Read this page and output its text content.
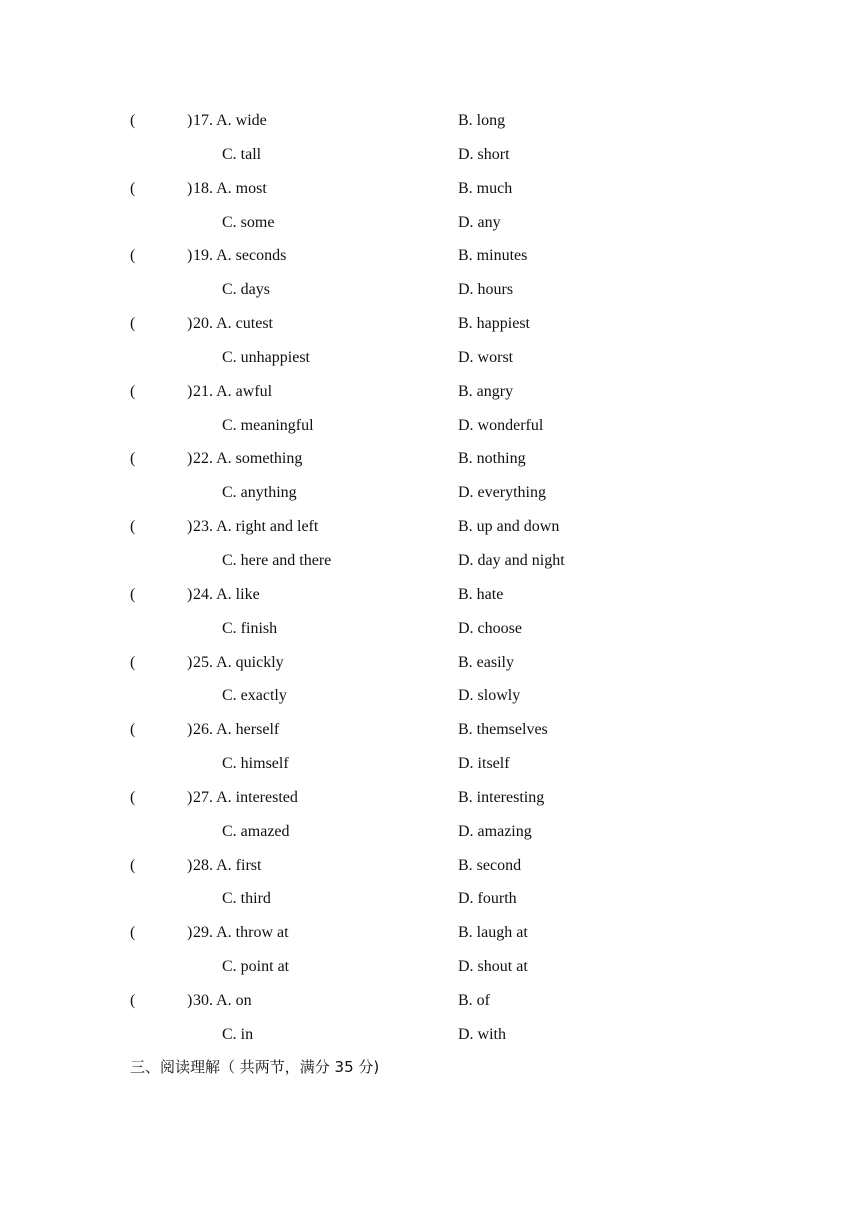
(	) 17. A. wide	B. long
C. tall	D. short
(	) 18. A. most	B. much
C. some	D. any
(	) 19. A. seconds	B. minutes
C. days	D. hours
(	) 20. A. cutest	B. happiest
C. unhappiest	D. worst
(	) 21. A. awful	B. angry
C. meaningful	D. wonderful
(	) 22. A. something	B. nothing
C. anything	D. everything
(	) 23. A. right and left	B. up and down
C. here and there	D. day and night
(	) 24. A. like	B. hate
C. finish	D. choose
(	) 25. A. quickly	B. easily
C. exactly	D. slowly
(	) 26. A. herself	B. themselves
C. himself	D. itself
(	) 27. A. interested	B. interesting
C. amazed	D. amazing
(	) 28. A. first	B. second
C. third	D. fourth
(	) 29. A. throw at	B. laugh at
C. point at	D. shout at
(	) 30. A. on	B. of
C. in	D. with
三、阅读理解（ 共两节，满分 35 分)
